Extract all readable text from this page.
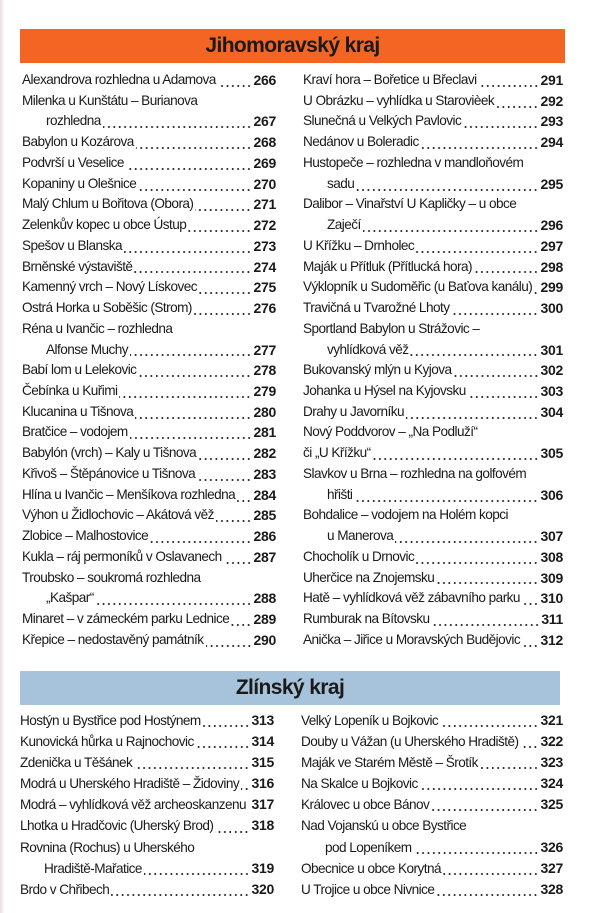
Jihomoravský kraj
Alexandrova rozhledna u Adamova	266
Milenka u Kunštátu – Burianova
rozhledna	267
Babylon u Kozárova	268
Podvrší u Veselice	269
Kopaniny u Olešnice	270
Malý Chlum u Bořitova (Obora)	271
Zelenkův kopec u obce Ústup	272
Spešov u Blanska	273
Brněnské výstaviště	274
Kamenný vrch – Nový Lískovec	275
Ostrá Horka u Soběšic (Strom)	276
Réna u Ivančic – rozhledna
Alfonse Muchy	277
Babí lom u Lelekovic	278
Čebínka u Kuřimi	279
Klucanina u Tišnova	280
Bratčice – vodojem	281
Babylón (vrch) – Kaly u Tišnova	282
Křivoš – Štěpánovice u Tišnova	283
Hlína u Ivančic – Menšíkova rozhledna 284
Výhon u Židlochovic – Akátová věž	285
Zlobice – Malhostovice	286
Kukla – ráj permoníků v Oslavanech 287
Troubsko – soukromá rozhledna
„Kašpar“	288
Minaret – v zámeckém parku Lednice 289
Křepice – nedostavěný památník	290
Kraví hora – Bořetice u Břeclavi	291
U Obrázku – vyhlídka u Starovièek	292
Slunečná u Velkých Pavlovic	293
Nedánov u Boleradic	294
Hustopeče – rozhledna v mandloňovém
sadu	295
Dalibor – Vinařství U Kapličky – u obce
Zaječí	296
U Křížku – Drnholec	297
Maják u Přítluk (Přítlucká hora)	298
Výklopník u Sudoměřic (u Baťova kanálu) 299
Travičná u Tvarožné Lhoty	300
Sportland Babylon u Strážovic –
vyhlídková věž	301
Bukovanský mlýn u Kyjova	302
Johanka u Hýsel na Kyjovsku	303
Drahy u Javorníku	304
Nový Poddvorov – „Na Podluží“
či „U Křížku“	305
Slavkov u Brna – rozhledna na golfovém
hřišti	306
Bohdalice – vodojem na Holém kopci
u Manerova	307
Chocholík u Drnovic	308
Uherčice na Znojemsku	309
Hatě – vyhlídková věž zábavního parku 310
Rumburak na Bítovsku	311
Anička – Jiřice u Moravských Budějovic 312
Zlínský kraj
Hostýn u Bystřice pod Hostýnem	313
Kunovická hůrka u Rajnochovic	314
Zdenička u Těšánek	315
Modrá u Uherského Hradiště – Židoviny 316
Modrá – vyhlídková věž archeoskanzenu 317
Lhotka u Hradčovic (Uherský Brod)	318
Rovnina (Rochus) u Uherského
Hradiště-Mařatice	319
Brdo v Chřibech	320
Velký Lopeník u Bojkovic	321
Douby u Vážan (u Uherského Hradiště) 322
Maják ve Starém Městě – Šrotík	323
Na Skalce u Bojkovic	324
Královec u obce Bánov	325
Nad Vojanskú u obce Bystřice
pod Lopeníkem	326
Obecnice u obce Korytná	327
U Trojice u obce Nivnice	328
